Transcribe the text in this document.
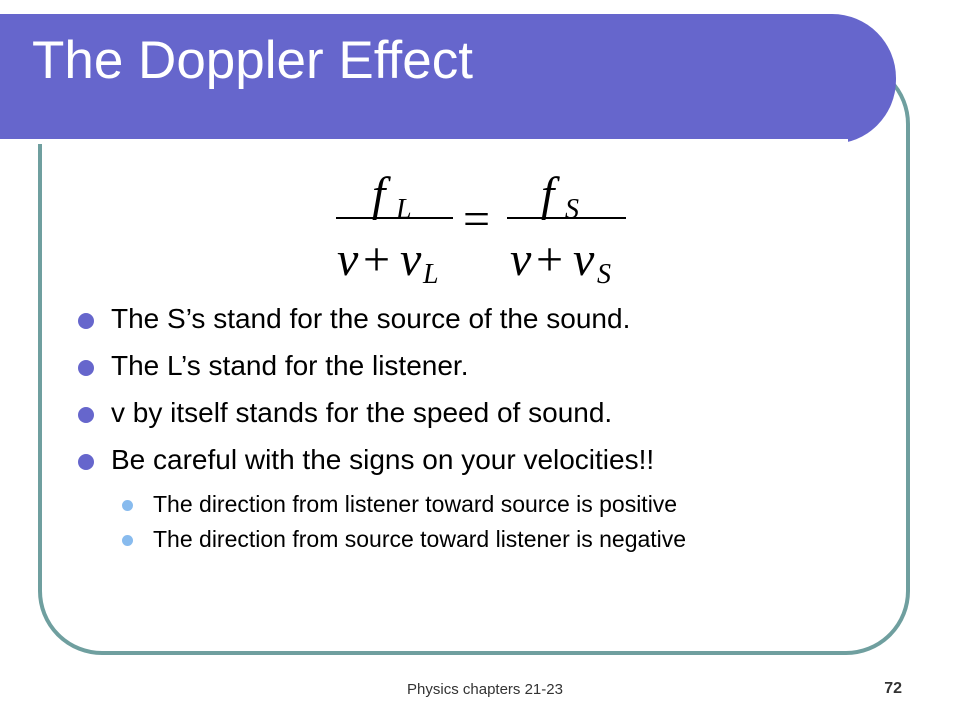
The Doppler Effect
f L
v + v L
= f S
v + v S
The S’s stand for the source of the sound.
The L’s stand for the listener.
v by itself stands for the speed of sound.
Be careful with the signs on your velocities!!
The direction from listener toward source is positive
The direction from source toward listener is negative
Physics chapters 21-23	72
